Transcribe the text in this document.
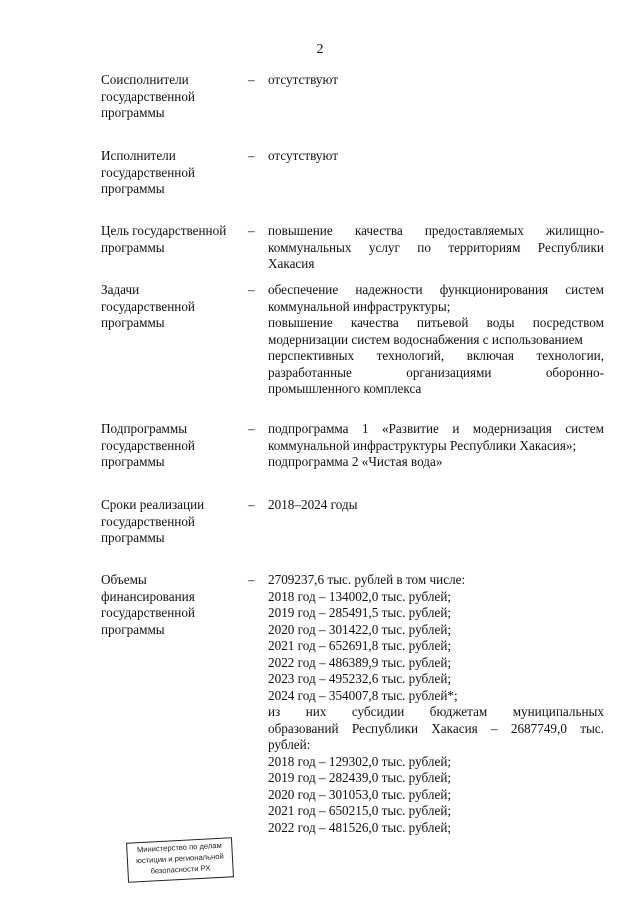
2
Соисполнители
государственной
программы
– отсутствуют
Исполнители
государственной
программы
– отсутствуют
Цель государственной
программы
– повышение качества предоставляемых жилищно-
коммунальных услуг по территориям Республики
Хакасия
Задачи
государственной
программы
– обеспечение надежности функционирования систем
коммунальной инфраструктуры;
повышение качества питьевой воды посредством
модернизации систем водоснабжения с использованием
перспективных технологий, включая технологии,
разработанные	организациями	оборонно-
промышленного комплекса
Подпрограммы
государственной
программы
– подпрограмма 1 «Развитие и модернизация систем
коммунальной инфраструктуры Республики Хакасия»;
подпрограмма 2 «Чистая вода»
Сроки реализации
государственной
программы
– 2018–2024 годы
Объемы
финансирования
государственной
программы
– 2709237,6 тыс. рублей в том числе:
2018 год – 134002,0 тыс. рублей;
2019 год – 285491,5 тыс. рублей;
2020 год – 301422,0 тыс. рублей;
2021 год – 652691,8 тыс. рублей;
2022 год – 486389,9 тыс. рублей;
2023 год – 495232,6 тыс. рублей;
2024 год – 354007,8 тыс. рублей*;
из них субсидии бюджетам муниципальных
образований Республики Хакасия – 2687749,0 тыс.
рублей:
2018 год – 129302,0 тыс. рублей;
2019 год – 282439,0 тыс. рублей;
2020 год – 301053,0 тыс. рублей;
2021 год – 650215,0 тыс. рублей;
2022 год – 481526,0 тыс. рублей;
Министерство по делам
юстиции и региональной
безопасности РХ
